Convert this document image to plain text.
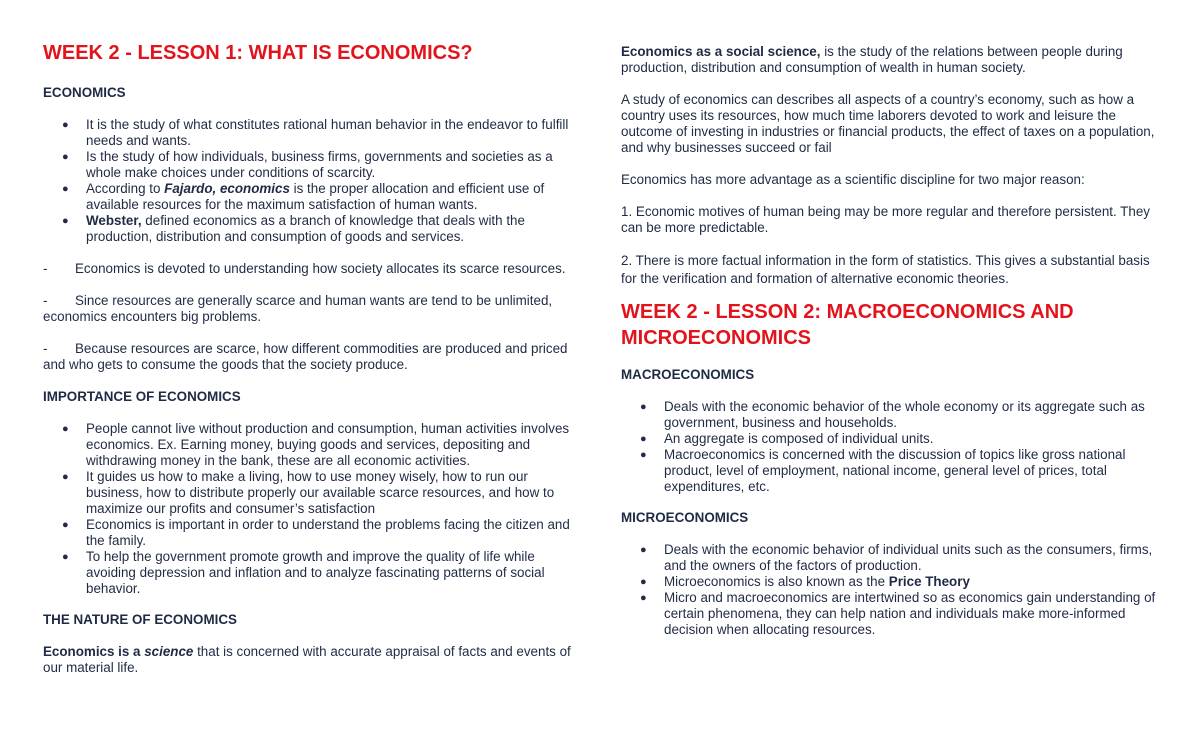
WEEK 2 - LESSON 1: WHAT IS ECONOMICS?

ECONOMICS

● It is the study of what constitutes rational human behavior in the endeavor to fulfill needs and wants.
● Is the study of how individuals, business firms, governments and societies as a whole make choices under conditions of scarcity.
● According to Fajardo, economics is the proper allocation and efficient use of available resources for the maximum satisfaction of human wants.
● Webster, defined economics as a branch of knowledge that deals with the production, distribution and consumption of goods and services.

- Economics is devoted to understanding how society allocates its scarce resources.

- Since resources are generally scarce and human wants are tend to be unlimited, economics encounters big problems.

- Because resources are scarce, how different commodities are produced and priced and who gets to consume the goods that the society produce.

IMPORTANCE OF ECONOMICS

● People cannot live without production and consumption, human activities involves economics. Ex. Earning money, buying goods and services, depositing and withdrawing money in the bank, these are all economic activities.
● It guides us how to make a living, how to use money wisely, how to run our business, how to distribute properly our available scarce resources, and how to maximize our profits and consumer’s satisfaction
● Economics is important in order to understand the problems facing the citizen and the family.
● To help the government promote growth and improve the quality of life while avoiding depression and inflation and to analyze fascinating patterns of social behavior.

THE NATURE OF ECONOMICS

Economics is a science that is concerned with accurate appraisal of facts and events of our material life.

Economics as a social science, is the study of the relations between people during production, distribution and consumption of wealth in human society.

A study of economics can describes all aspects of a country’s economy, such as how a country uses its resources, how much time laborers devoted to work and leisure the outcome of investing in industries or financial products, the effect of taxes on a population, and why businesses succeed or fail

Economics has more advantage as a scientific discipline for two major reason:

1. Economic motives of human being may be more regular and therefore persistent. They can be more predictable.

2. There is more factual information in the form of statistics. This gives a substantial basis for the verification and formation of alternative economic theories.

WEEK 2 - LESSON 2: MACROECONOMICS AND MICROECONOMICS

MACROECONOMICS

● Deals with the economic behavior of the whole economy or its aggregate such as government, business and households.
● An aggregate is composed of individual units.
● Macroeconomics is concerned with the discussion of topics like gross national product, level of employment, national income, general level of prices, total expenditures, etc.

MICROECONOMICS

● Deals with the economic behavior of individual units such as the consumers, firms, and the owners of the factors of production.
● Microeconomics is also known as the Price Theory
● Micro and macroeconomics are intertwined so as economics gain understanding of certain phenomena, they can help nation and individuals make more-informed decision when allocating resources.
